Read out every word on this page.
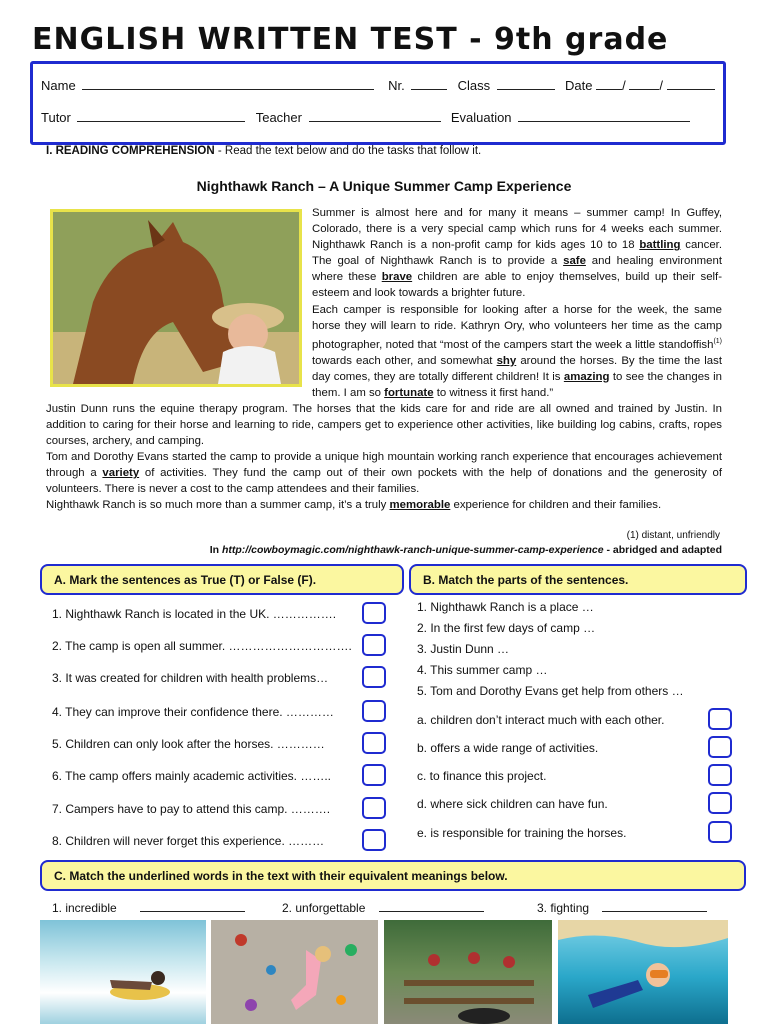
ENGLISH WRITTEN TEST - 9th grade
Name	Nr.	Class	Date /	/
Tutor	Teacher	Evaluation
I. READING COMPREHENSION - Read the text below and do the tasks that follow it.
Nighthawk Ranch – A Unique Summer Camp Experience

Summer is almost here and for many it means – summer camp! In Guffey, Colorado, there is a very special camp which runs for 4 weeks each summer. Nighthawk Ranch is a non-profit camp for kids ages 10 to 18 battling cancer. The goal of Nighthawk Ranch is to provide a safe and healing environment where these brave children are able to enjoy themselves, build up their self-esteem and look towards a brighter future.

Each camper is responsible for looking after a horse for the week, the same horse they will learn to ride. Kathryn Ory, who volunteers her time as the camp photographer, noted that “most of the campers start the week a little standoffish$^{(1)}$ towards each other, and somewhat shy around the horses. By the time the last day comes, they are totally different children! It is amazing to see the changes in them. I am so fortunate to witness it first hand.”

Justin Dunn runs the equine therapy program. The horses that the kids care for and ride are all owned and trained by Justin. In addition to caring for their horse and learning to ride, campers get to experience other activities, like building log cabins, crafts, ropes courses, archery, and camping.

Tom and Dorothy Evans started the camp to provide a unique high mountain working ranch experience that encourages achievement through a variety of activities. They fund the camp out of their own pockets with the help of donations and the generosity of volunteers. There is never a cost to the camp attendees and their families.

Nighthawk Ranch is so much more than a summer camp, it’s a truly memorable experience for children and their families.

(1) distant, unfriendly
In http://cowboymagic.com/nighthawk-ranch-unique-summer-camp-experience - abridged and adapted
A. Mark the sentences as True (T) or False (F).
1. Nighthawk Ranch is located in the UK. …………….
2. The camp is open all summer. ………………………….
3. It was created for children with health problems…
4. They can improve their confidence there. …………
5. Children can only look after the horses. …………
6. The camp offers mainly academic activities. ……..
7. Campers have to pay to attend this camp. ……….
8. Children will never forget this experience. ………
B. Match the parts of the sentences.
1. Nighthawk Ranch is a place …
2. In the first few days of camp …
3. Justin Dunn …
4. This summer camp …
5. Tom and Dorothy Evans get help from others …
a. children don’t interact much with each other.
b. offers a wide range of activities.
c. to finance this project.
d. where sick children can have fun.
e. is responsible for training the horses.
C. Match the underlined words in the text with their equivalent meanings below.
1. incredible	2. unforgettable	3. fighting
